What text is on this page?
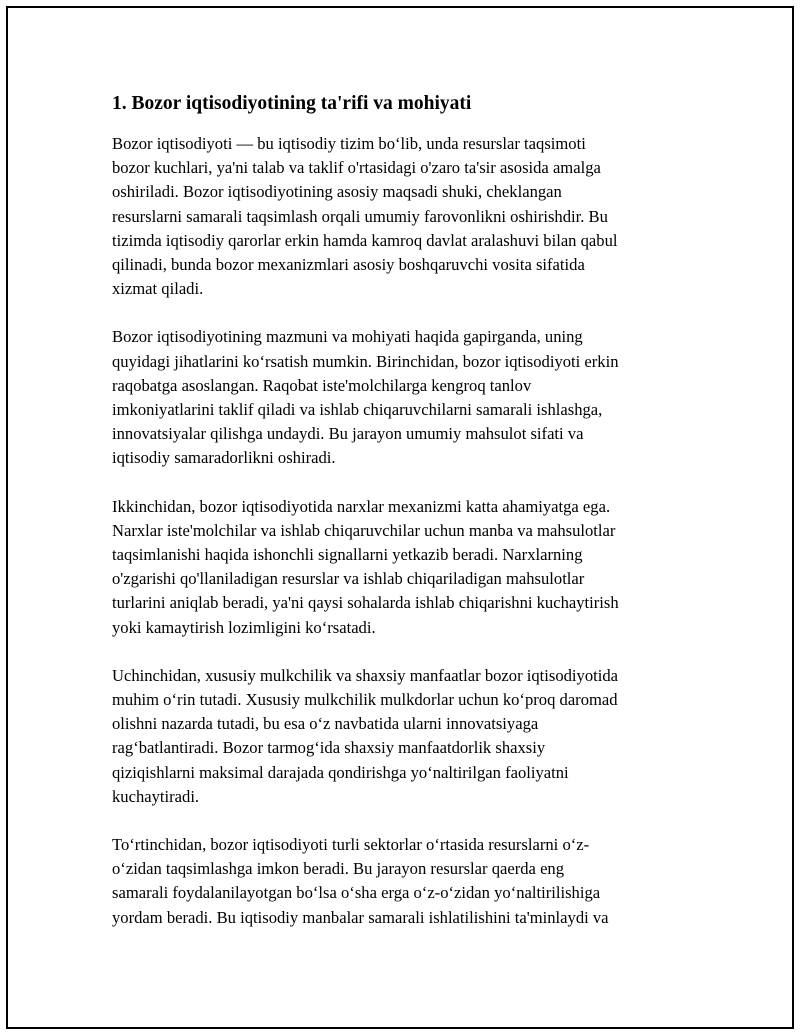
1. Bozor iqtisodiyotining ta'rifi va mohiyati

Bozor iqtisodiyoti — bu iqtisodiy tizim bo‘lib, unda resurslar taqsimoti
bozor kuchlari, ya'ni talab va taklif o'rtasidagi o'zaro ta'sir asosida amalga
oshiriladi. Bozor iqtisodiyotining asosiy maqsadi shuki, cheklangan
resurslarni samarali taqsimlash orqali umumiy farovonlikni oshirishdir. Bu
tizimda iqtisodiy qarorlar erkin hamda kamroq davlat aralashuvi bilan qabul
qilinadi, bunda bozor mexanizmlari asosiy boshqaruvchi vosita sifatida
xizmat qiladi.

Bozor iqtisodiyotining mazmuni va mohiyati haqida gapirganda, uning
quyidagi jihatlarini ko‘rsatish mumkin. Birinchidan, bozor iqtisodiyoti erkin
raqobatga asoslangan. Raqobat iste'molchilarga kengroq tanlov
imkoniyatlarini taklif qiladi va ishlab chiqaruvchilarni samarali ishlashga,
innovatsiyalar qilishga undaydi. Bu jarayon umumiy mahsulot sifati va
iqtisodiy samaradorlikni oshiradi.

Ikkinchidan, bozor iqtisodiyotida narxlar mexanizmi katta ahamiyatga ega.
Narxlar iste'molchilar va ishlab chiqaruvchilar uchun manba va mahsulotlar
taqsimlanishi haqida ishonchli signallarni yetkazib beradi. Narxlarning
o'zgarishi qo'llaniladigan resurslar va ishlab chiqariladigan mahsulotlar
turlarini aniqlab beradi, ya'ni qaysi sohalarda ishlab chiqarishni kuchaytirish
yoki kamaytirish lozimligini ko‘rsatadi.

Uchinchidan, xususiy mulkchilik va shaxsiy manfaatlar bozor iqtisodiyotida
muhim o‘rin tutadi. Xususiy mulkchilik mulkdorlar uchun ko‘proq daromad
olishni nazarda tutadi, bu esa o‘z navbatida ularni innovatsiyaga
rag‘batlantiradi. Bozor tarmog‘ida shaxsiy manfaatdorlik shaxsiy
qiziqishlarni maksimal darajada qondirishga yo‘naltirilgan faoliyatni
kuchaytiradi.

To‘rtinchidan, bozor iqtisodiyoti turli sektorlar o‘rtasida resurslarni o‘z-
o‘zidan taqsimlashga imkon beradi. Bu jarayon resurslar qaerda eng
samarali foydalanilayotgan bo‘lsa o‘sha erga o‘z-o‘zidan yo‘naltirilishiga
yordam beradi. Bu iqtisodiy manbalar samarali ishlatilishini ta'minlaydi va
